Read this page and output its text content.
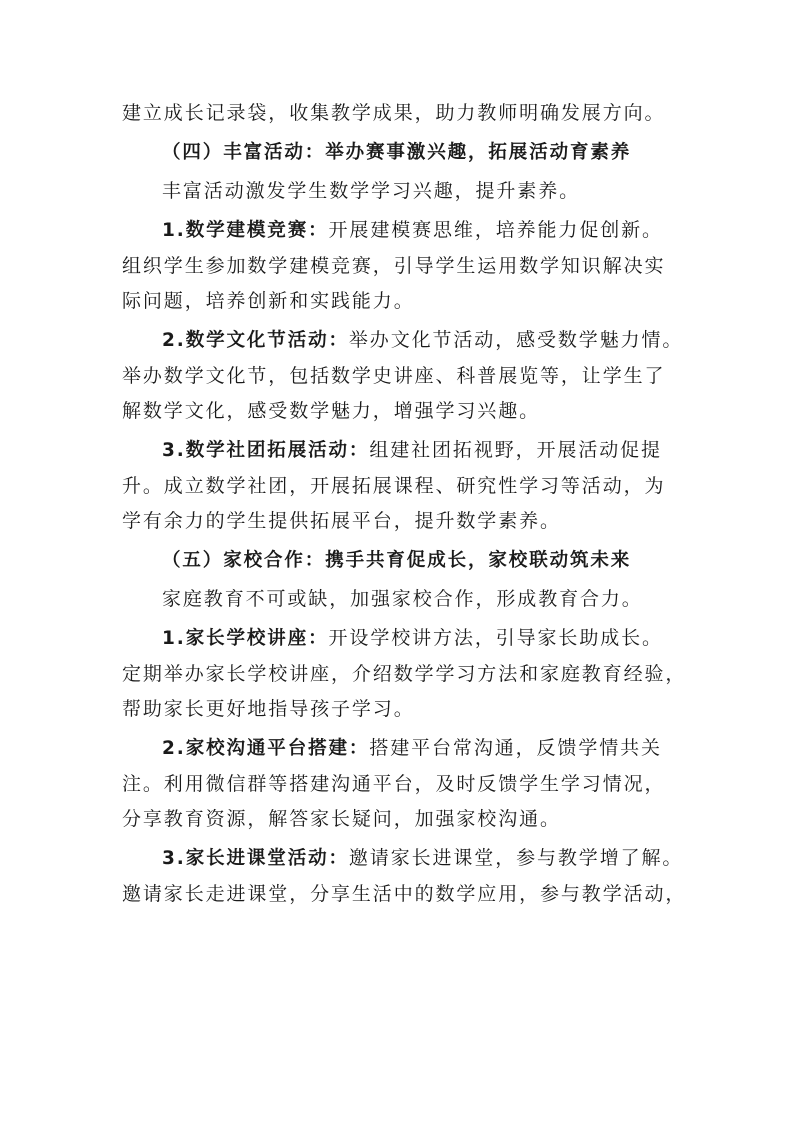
建立成长记录袋，收集教学成果，助力教师明确发展方向。

（四）丰富活动：举办赛事激兴趣，拓展活动育素养

丰富活动激发学生数学学习兴趣，提升素养。

1.数学建模竞赛：开展建模赛思维，培养能力促创新。

组织学生参加数学建模竞赛，引导学生运用数学知识解决实

际问题，培养创新和实践能力。

2.数学文化节活动：举办文化节活动，感受数学魅力情。

举办数学文化节，包括数学史讲座、科普展览等，让学生了

解数学文化，感受数学魅力，增强学习兴趣。

3.数学社团拓展活动：组建社团拓视野，开展活动促提

升。成立数学社团，开展拓展课程、研究性学习等活动，为

学有余力的学生提供拓展平台，提升数学素养。

（五）家校合作：携手共育促成长，家校联动筑未来

家庭教育不可或缺，加强家校合作，形成教育合力。

1.家长学校讲座：开设学校讲方法，引导家长助成长。

定期举办家长学校讲座，介绍数学学习方法和家庭教育经验，

帮助家长更好地指导孩子学习。

2.家校沟通平台搭建：搭建平台常沟通，反馈学情共关

注。利用微信群等搭建沟通平台，及时反馈学生学习情况，

分享教育资源，解答家长疑问，加强家校沟通。

3.家长进课堂活动：邀请家长进课堂，参与教学增了解。

邀请家长走进课堂，分享生活中的数学应用，参与教学活动，
